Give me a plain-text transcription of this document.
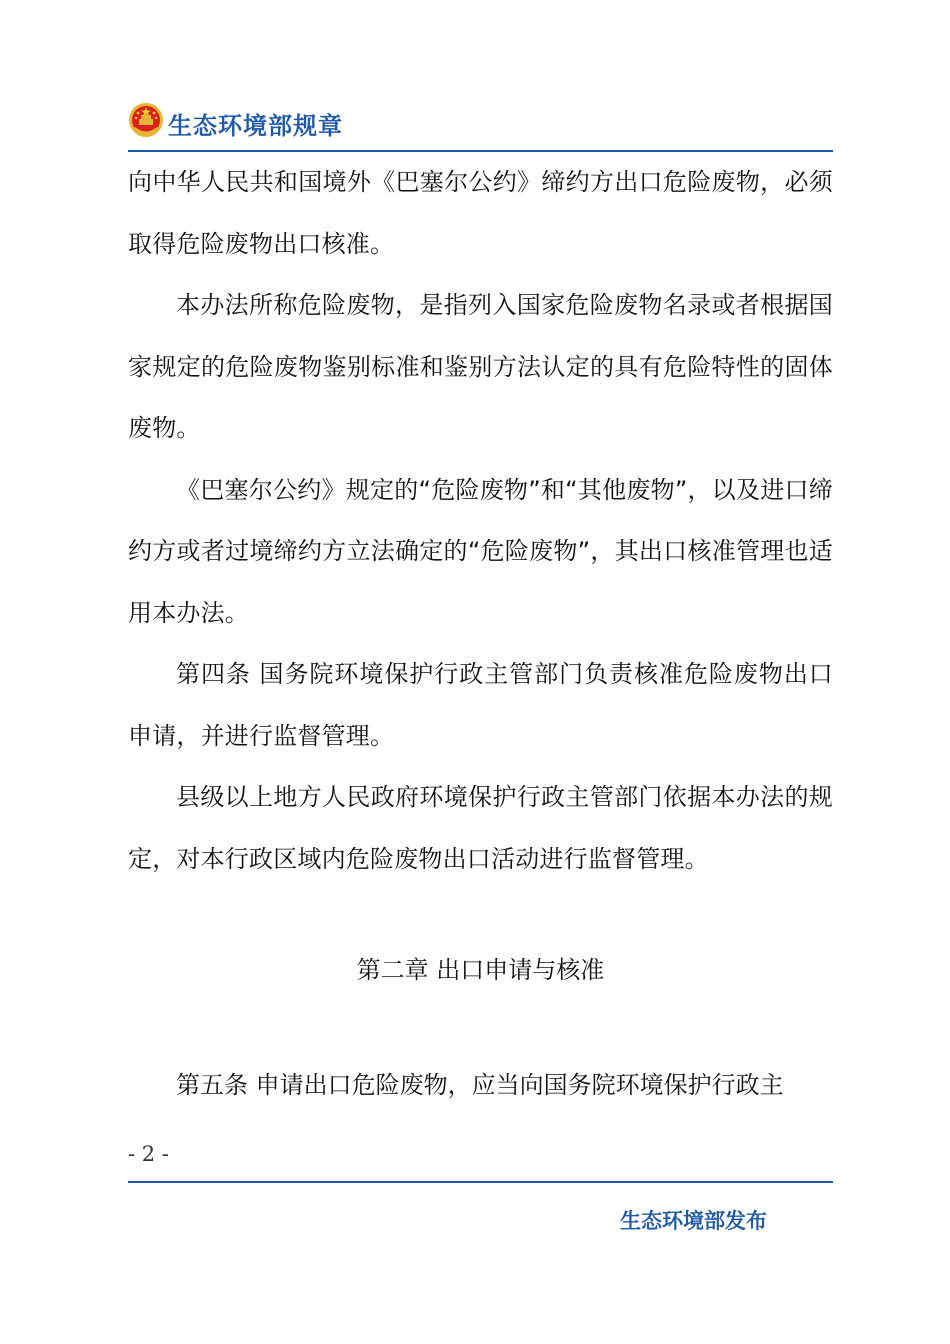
生态环境部规章

向中华人民共和国境外《巴塞尔公约》缔约方出口危险废物，必须取得危险废物出口核准。

本办法所称危险废物，是指列入国家危险废物名录或者根据国家规定的危险废物鉴别标准和鉴别方法认定的具有危险特性的固体废物。

《巴塞尔公约》规定的“危险废物”和“其他废物”，以及进口缔约方或者过境缔约方立法确定的“危险废物”，其出口核准管理也适用本办法。

第四条 国务院环境保护行政主管部门负责核准危险废物出口申请，并进行监督管理。

县级以上地方人民政府环境保护行政主管部门依据本办法的规定，对本行政区域内危险废物出口活动进行监督管理。

第二章 出口申请与核准
第五条 申请出口危险废物，应当向国务院环境保护行政主
- 2 -
生态环境部发布
